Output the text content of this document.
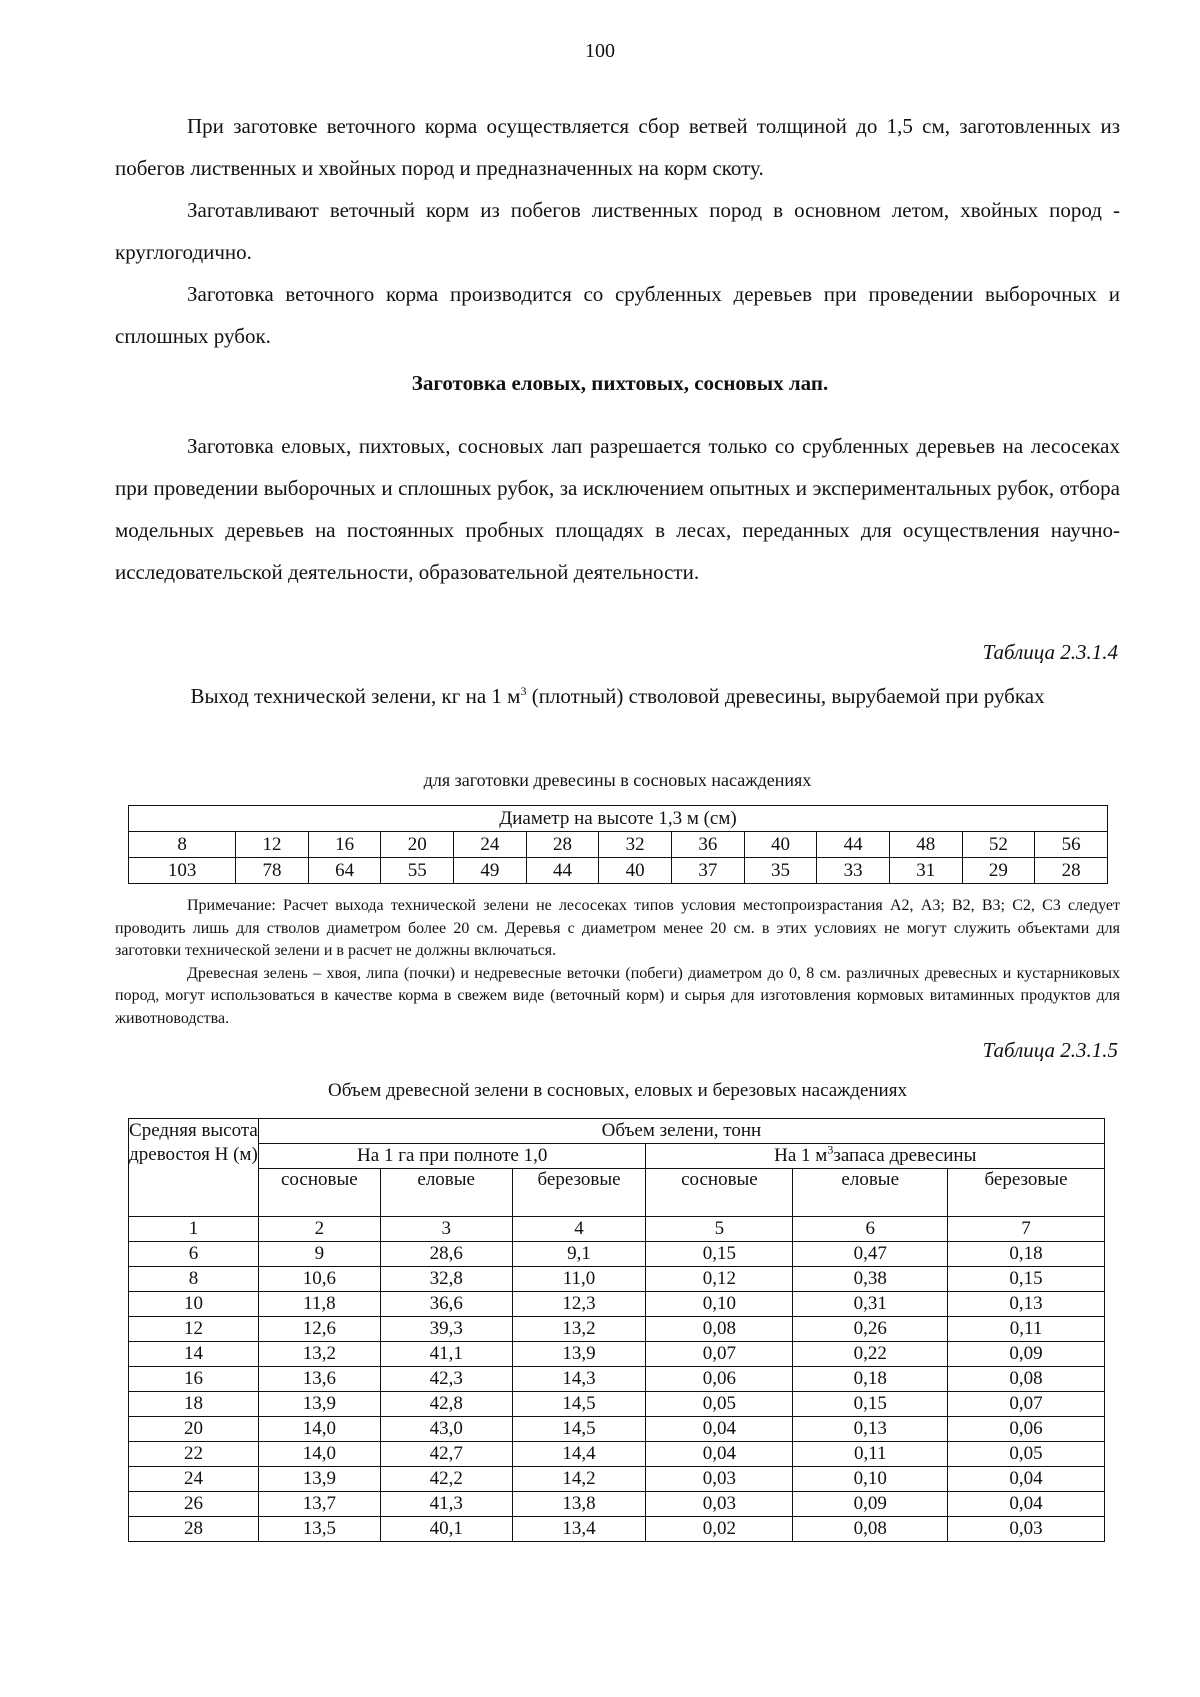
100

При заготовке веточного корма осуществляется сбор ветвей толщиной до 1,5 см, заготовленных из побегов лиственных и хвойных пород и предназначенных на корм скоту.

Заготавливают веточный корм из побегов лиственных пород в основном летом, хвойных пород - круглогодично.

Заготовка веточного корма производится со срубленных деревьев при проведении выборочных и сплошных рубок.

Заготовка еловых, пихтовых, сосновых лап.

Заготовка еловых, пихтовых, сосновых лап разрешается только со срубленных деревьев на лесосеках при проведении выборочных и сплошных рубок, за исключением опытных и экспериментальных рубок, отбора модельных деревьев на постоянных пробных площадях в лесах, переданных для осуществления научно-исследовательской деятельности, образовательной деятельности.

Таблица 2.3.1.4
Выход технической зелени, кг на 1 $м^3$ (плотный) стволовой древесины, вырубаемой при рубках
для заготовки древесины в сосновых насаждениях
Диаметр на высоте 1,3 м (см)												
8	12	16	20	24	28	32	36	40	44	48	52	56
103	78	64	55	49	44	40	37	35	33	31	29	28

Примечание: Расчет выхода технической зелени не лесосеках типов условия местопроизрастания А2, А3; В2, В3; С2, С3 следует проводить лишь для стволов диаметром более 20 см. Деревья с диаметром менее 20 см. в этих условиях не могут служить объектами для заготовки технической зелени и в расчет не должны включаться.

Древесная зелень – хвоя, липа (почки) и недревесные веточки (побеги) диаметром до 0, 8 см. различных древесных и кустарниковых пород, могут использоваться в качестве корма в свежем виде (веточный корм) и сырья для изготовления кормовых витаминных продуктов для животноводства.

Таблица 2.3.1.5
Объем древесной зелени в сосновых, еловых и березовых насаждениях
Средняя высота древостоя Н (м)	Объем зелени, тонн					
	На 1 га при полноте 1,0			На 1 $м^3запаса$ древесины		
	сосновые	еловые	березовые	сосновые	еловые	березовые
1	2	3	4	5	6	7
6	9	28,6	9,1	0,15	0,47	0,18
8	10,6	32,8	11,0	0,12	0,38	0,15
10	11,8	36,6	12,3	0,10	0,31	0,13
12	12,6	39,3	13,2	0,08	0,26	0,11
14	13,2	41,1	13,9	0,07	0,22	0,09
16	13,6	42,3	14,3	0,06	0,18	0,08
18	13,9	42,8	14,5	0,05	0,15	0,07
20	14,0	43,0	14,5	0,04	0,13	0,06
22	14,0	42,7	14,4	0,04	0,11	0,05
24	13,9	42,2	14,2	0,03	0,10	0,04
26	13,7	41,3	13,8	0,03	0,09	0,04
28	13,5	40,1	13,4	0,02	0,08	0,03
